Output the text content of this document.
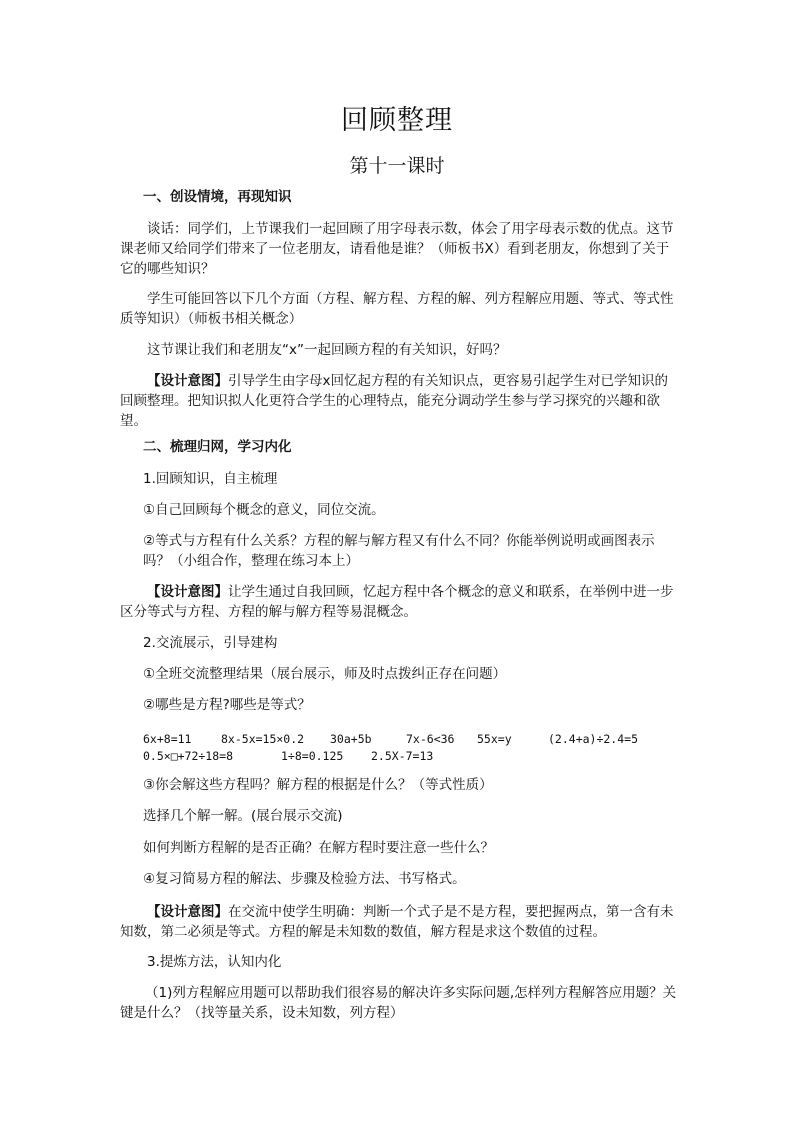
回顾整理
第十一课时

一、创设情境，再现知识

谈话：同学们，上节课我们一起回顾了用字母表示数，体会了用字母表示数的优点。这节课老师又给同学们带来了一位老朋友，请看他是谁？（师板书X）看到老朋友，你想到了关于它的哪些知识？

学生可能回答以下几个方面（方程、解方程、方程的解、列方程解应用题、等式、等式性质等知识）（师板书相关概念）

这节课让我们和老朋友“x”一起回顾方程的有关知识，好吗？

【设计意图】引导学生由字母x回忆起方程的有关知识点，更容易引起学生对已学知识的回顾整理。把知识拟人化更符合学生的心理特点，能充分调动学生参与学习探究的兴趣和欲望。

二、梳理归网，学习内化

1.回顾知识，自主梳理

①自己回顾每个概念的意义，同位交流。

②等式与方程有什么关系？方程的解与解方程又有什么不同？你能举例说明或画图表示吗？（小组合作，整理在练习本上）

【设计意图】让学生通过自我回顾，忆起方程中各个概念的意义和联系，在举例中进一步区分等式与方程、方程的解与解方程等易混概念。

2.交流展示，引导建构

①全班交流整理结果（展台展示，师及时点拨纠正存在问题）

②哪些是方程?哪些是等式？

6x+8=11	8x-5x=15×0.2 30a+5b	7x-6<36 55x=y	(2.4+a)÷2.4=5
0.5×□+72÷18=8	1÷8=0.125 2.5X-7=13

③你会解这些方程吗？解方程的根据是什么？（等式性质）

选择几个解一解。(展台展示交流)

如何判断方程解的是否正确？在解方程时要注意一些什么？

④复习简易方程的解法、步骤及检验方法、书写格式。

【设计意图】在交流中使学生明确：判断一个式子是不是方程，要把握两点，第一含有未知数，第二必须是等式。方程的解是未知数的数值，解方程是求这个数值的过程。

3.提炼方法，认知内化

（1)列方程解应用题可以帮助我们很容易的解决许多实际问题,怎样列方程解答应用题？关键是什么？（找等量关系，设未知数，列方程）
